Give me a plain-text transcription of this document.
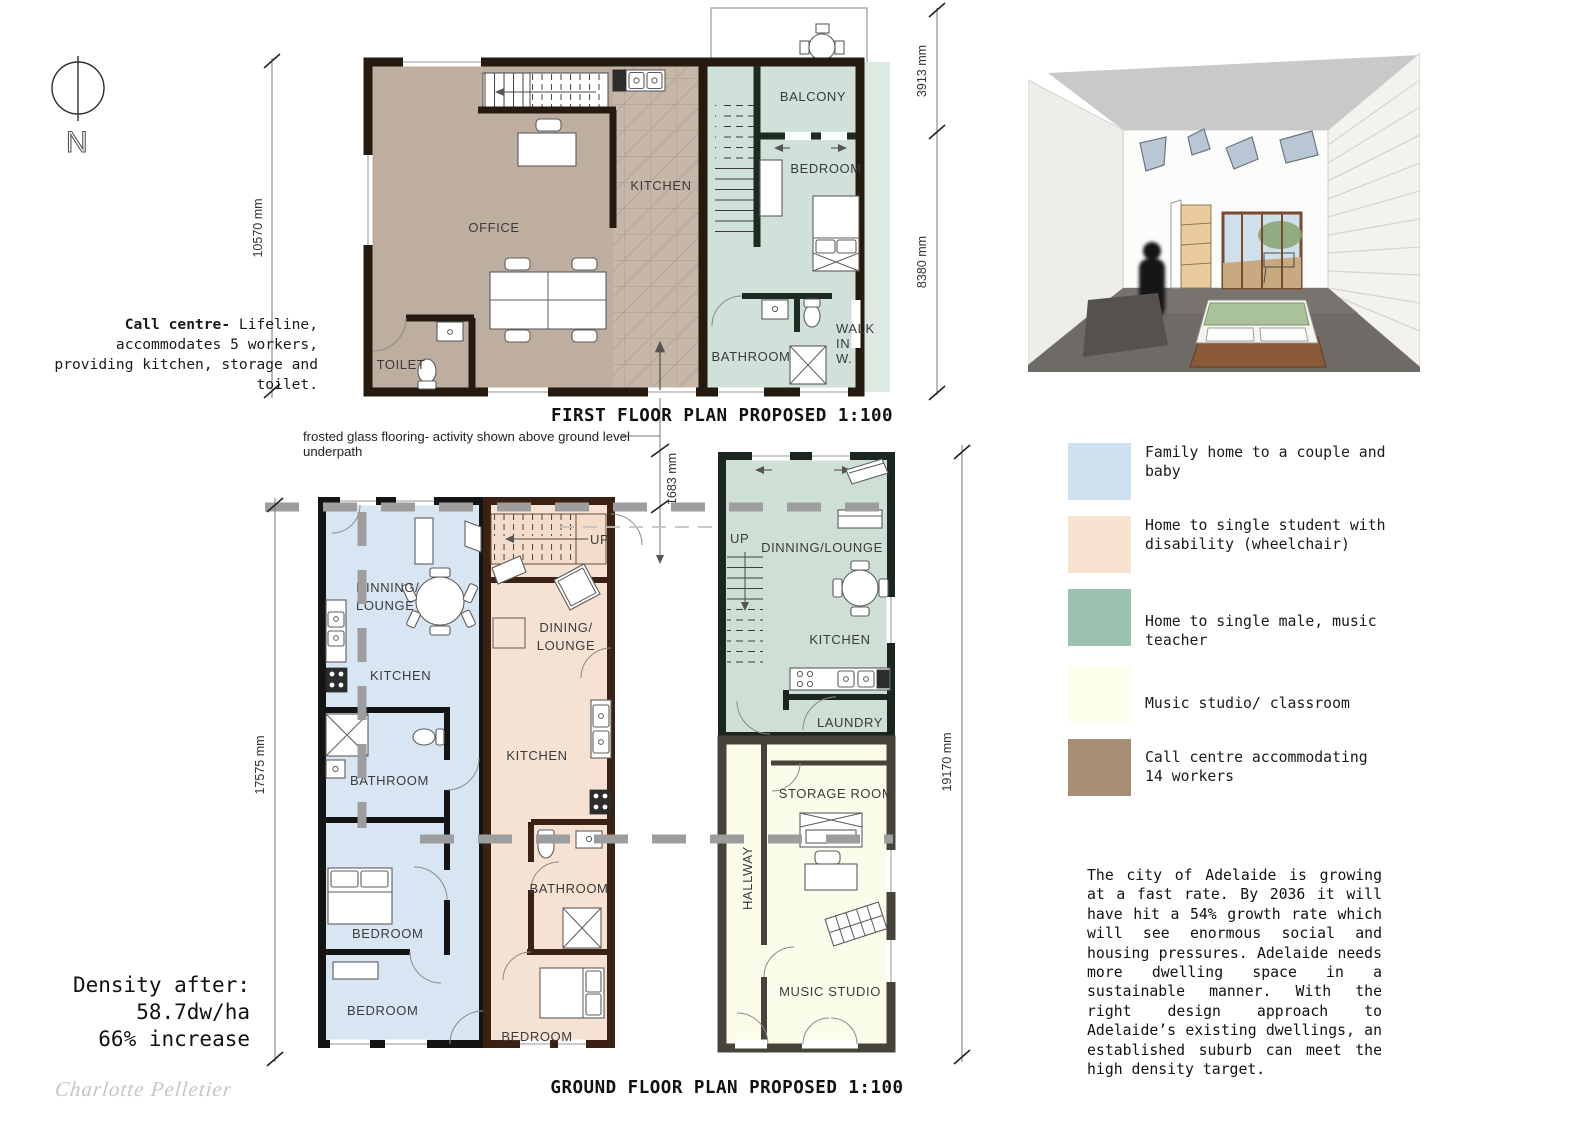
N
OFFICE
KITCHEN
TOILET
BALCONY
BEDROOM
BATHROOM
WALK
IN
W.
10570 mm
3913 mm
8380 mm
1683 mm
DINNING/
LOUNGE
KITCHEN
BATHROOM
BEDROOM
BEDROOM
DINING/
LOUNGE
KITCHEN
BATHROOM
BEDROOM
UP
DINNING/LOUNGE
KITCHEN
LAUNDRY
UP
STORAGE ROOM
HALLWAY
MUSIC STUDIO
17575 mm	19170 mm
FIRST FLOOR PLAN PROPOSED 1:100
GROUND FLOOR PLAN PROPOSED 1:100
Call centre- Lifeline, accommodates 5 workers, providing kitchen, storage and toilet.
frosted glass flooring- activity shown above ground level underpath	Family home to a couple and baby
Home to single student with disability (wheelchair)
Home to single male, music teacher
Music studio/ classroom
Call centre accommodating 14 workers
The city of Adelaide is growing at a fast rate. By 2036 it will have hit a 54% growth rate which will see enormous social and housing pressures. Adelaide needs more dwelling space in a sustainable manner. With the right design approach to Adelaide’s existing dwellings, an established suburb can meet the high density target.
Density after:
58.7dw/ha
66% increase
Charlotte Pelletier
